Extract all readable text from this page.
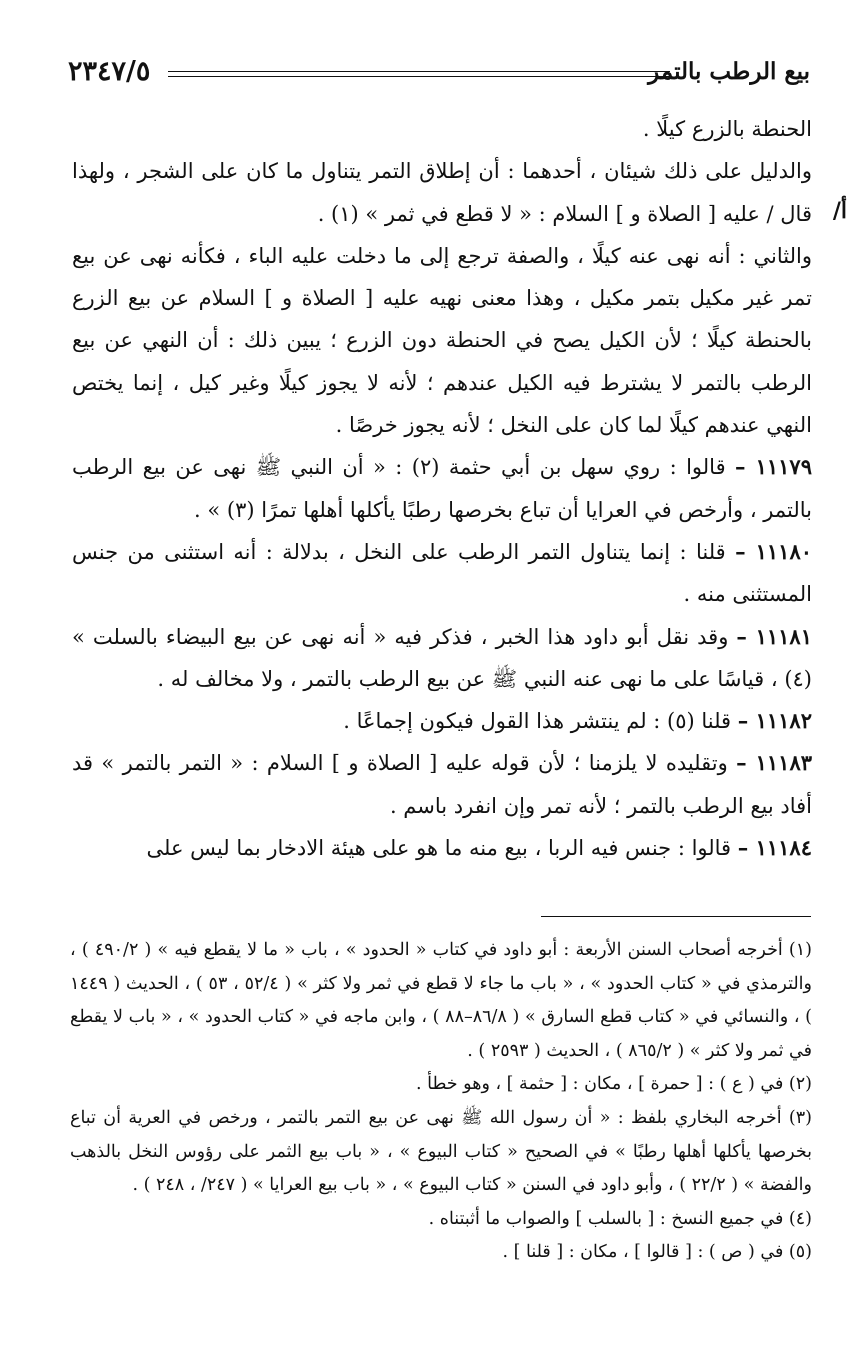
٢٣٤٧/٥	بيع الرطب بالتمر
/أ

الحنطة بالزرع كيلًا .

والدليل على ذلك شيئان ، أحدهما : أن إطلاق التمر يتناول ما كان على الشجر ، ولهذا قال / عليه [ الصلاة و ] السلام : « لا قطع في ثمر » (١) .

والثاني : أنه نهى عنه كيلًا ، والصفة ترجع إلى ما دخلت عليه الباء ، فكأنه نهى عن بيع تمر غير مكيل بتمر مكيل ، وهذا معنى نهيه عليه [ الصلاة و ] السلام عن بيع الزرع بالحنطة كيلًا ؛ لأن الكيل يصح في الحنطة دون الزرع ؛ يبين ذلك : أن النهي عن بيع الرطب بالتمر لا يشترط فيه الكيل عندهم ؛ لأنه لا يجوز كيلًا وغير كيل ، إنما يختص النهي عندهم كيلًا لما كان على النخل ؛ لأنه يجوز خرصًا .

١١١٧٩ – قالوا : روي سهل بن أبي حثمة (٢) : « أن النبي ﷺ نهى عن بيع الرطب بالتمر ، وأرخص في العرايا أن تباع بخرصها رطبًا يأكلها أهلها تمرًا (٣) » .

١١١٨٠ – قلنا : إنما يتناول التمر الرطب على النخل ، بدلالة : أنه استثنى من جنس المستثنى منه .

١١١٨١ – وقد نقل أبو داود هذا الخبر ، فذكر فيه « أنه نهى عن بيع البيضاء بالسلت » (٤) ، قياسًا على ما نهى عنه النبي ﷺ عن بيع الرطب بالتمر ، ولا مخالف له .

١١١٨٢ – قلنا (٥) : لم ينتشر هذا القول فيكون إجماعًا .

١١١٨٣ – وتقليده لا يلزمنا ؛ لأن قوله عليه [ الصلاة و ] السلام : « التمر بالتمر » قد أفاد بيع الرطب بالتمر ؛ لأنه تمر وإن انفرد باسم .

١١١٨٤ – قالوا : جنس فيه الربا ، بيع منه ما هو على هيئة الادخار بما ليس على

(١) أخرجه أصحاب السنن الأربعة : أبو داود في كتاب « الحدود » ، باب « ما لا يقطع فيه » ( ٤٩٠/٢ ) ، والترمذي في « كتاب الحدود » ، « باب ما جاء لا قطع في ثمر ولا كثر » ( ٥٢/٤ ، ٥٣ ) ، الحديث ( ١٤٤٩ ) ، والنسائي في « كتاب قطع السارق » ( ٨٦/٨–٨٨ ) ، وابن ماجه في « كتاب الحدود » ، « باب لا يقطع في ثمر ولا كثر » ( ٨٦٥/٢ ) ، الحديث ( ٢٥٩٣ ) .

(٢) في ( ع ) : [ حمرة ] ، مكان : [ حثمة ] ، وهو خطأ .

(٣) أخرجه البخاري بلفظ : « أن رسول الله ﷺ نهى عن بيع التمر بالتمر ، ورخص في العرية أن تباع بخرصها يأكلها أهلها رطبًا » في الصحيح « كتاب البيوع » ، « باب بيع الثمر على رؤوس النخل بالذهب والفضة » ( ٢٢/٢ ) ، وأبو داود في السنن « كتاب البيوع » ، « باب بيع العرايا » ( ٢٤٧/ ، ٢٤٨ ) .

(٤) في جميع النسخ : [ بالسلب ] والصواب ما أثبتناه .

(٥) في ( ص ) : [ قالوا ] ، مكان : [ قلنا ] .
